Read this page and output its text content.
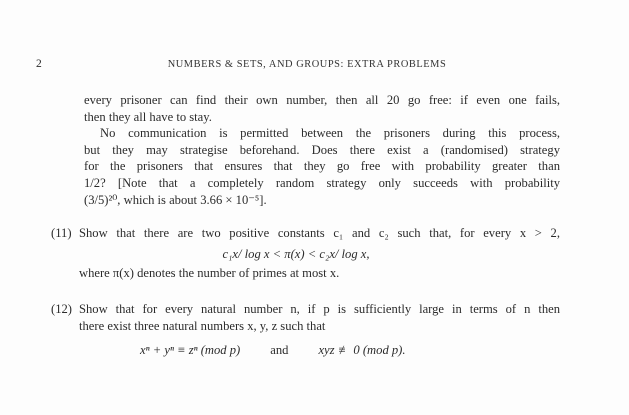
2	NUMBERS & SETS, AND GROUPS: EXTRA PROBLEMS
every prisoner can find their own number, then all 20 go free: if even one fails,
then they all have to stay.
No communication is permitted between the prisoners during this process,
but they may strategise beforehand. Does there exist a (randomised) strategy
for the prisoners that ensures that they go free with probability greater than
1/2? [Note that a completely random strategy only succeeds with probability
(3/5)²⁰, which is about 3.66 × 10⁻⁵].
(11) Show that there are two positive constants c₁ and c₂ such that, for every x > 2,
c₁x/ log x < π(x) < c₂x/ log x,
where π(x) denotes the number of primes at most x.
(12) Show that for every natural number n, if p is sufficiently large in terms of n then
there exist three natural numbers x, y, z such that
xⁿ + yⁿ ≡ zⁿ (mod p) and xyz ≢ 0 (mod p).
